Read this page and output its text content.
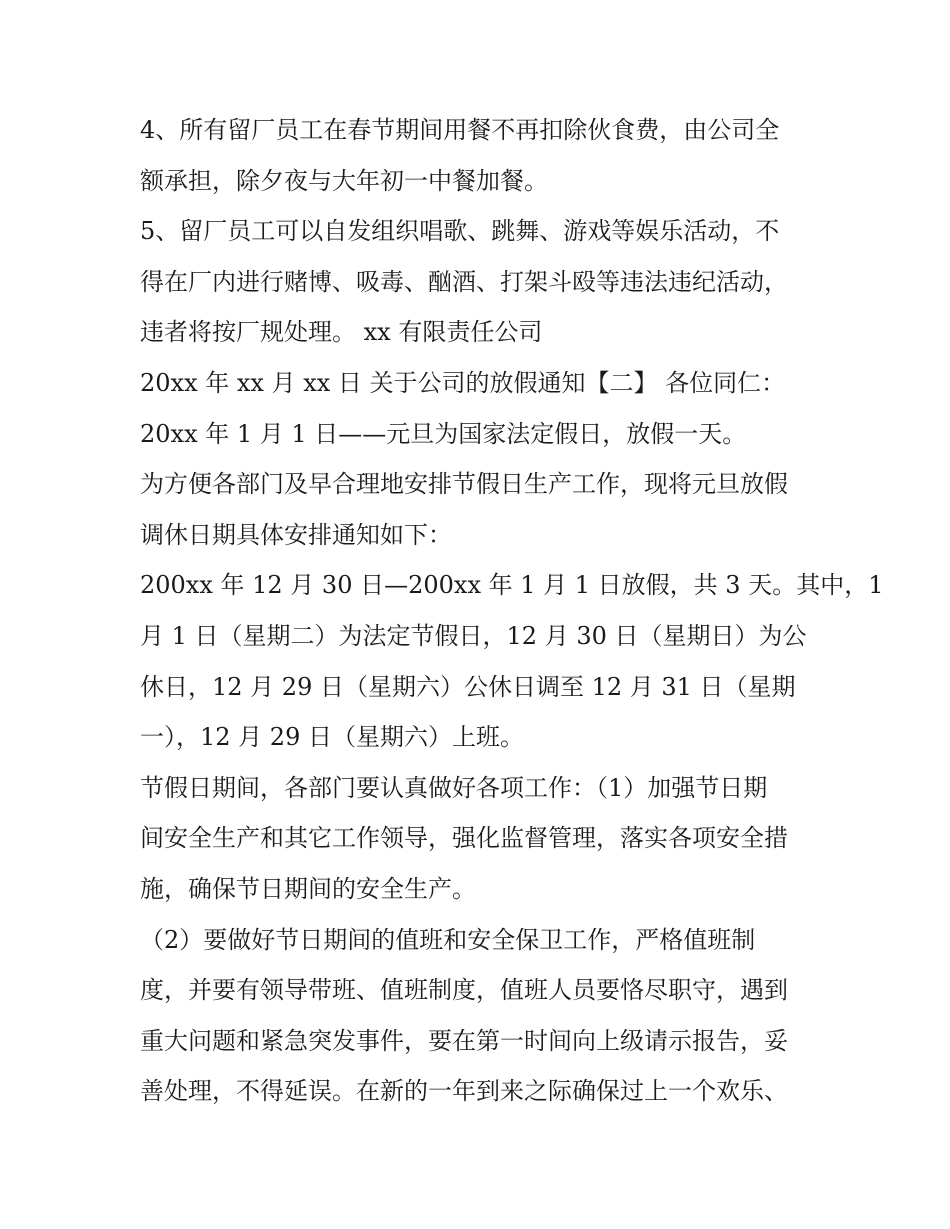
4、所有留厂员工在春节期间用餐不再扣除伙食费，由公司全
额承担，除夕夜与大年初一中餐加餐。
5、留厂员工可以自发组织唱歌、跳舞、游戏等娱乐活动，不
得在厂内进行赌博、吸毒、酗酒、打架斗殴等违法违纪活动，
违者将按厂规处理。 xx 有限责任公司
20xx 年 xx 月 xx 日 关于公司的放假通知【二】 各位同仁：
20xx 年 1 月 1 日——元旦为国家法定假日，放假一天。
为方便各部门及早合理地安排节假日生产工作，现将元旦放假
调休日期具体安排通知如下：
200xx 年 12 月 30 日—200xx 年 1 月 1 日放假，共 3 天。其中，1
月 1 日（星期二）为法定节假日，12 月 30 日（星期日）为公
休日，12 月 29 日（星期六）公休日调至 12 月 31 日（星期
一），12 月 29 日（星期六）上班。
节假日期间，各部门要认真做好各项工作：（1）加强节日期
间安全生产和其它工作领导，强化监督管理，落实各项安全措
施，确保节日期间的安全生产。
（2）要做好节日期间的值班和安全保卫工作，严格值班制
度，并要有领导带班、值班制度，值班人员要恪尽职守，遇到
重大问题和紧急突发事件，要在第一时间向上级请示报告，妥
善处理，不得延误。在新的一年到来之际确保过上一个欢乐、
